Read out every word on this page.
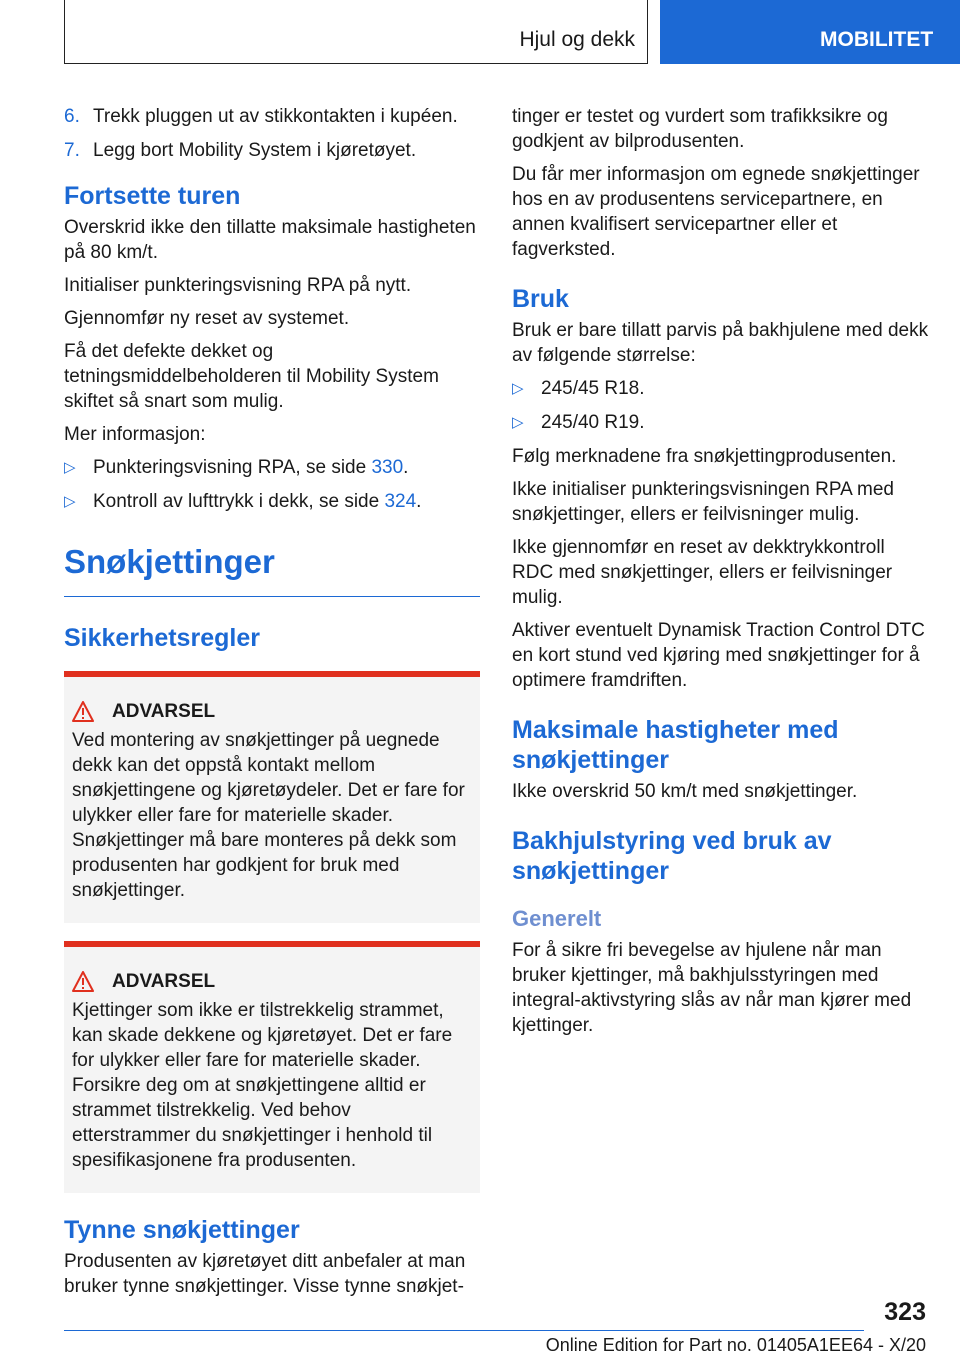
Hjul og dekk	MOBILITET
6. Trekk pluggen ut av stikkontakten i kupéen.
7. Legg bort Mobility System i kjøretøyet.
Fortsette turen

Overskrid ikke den tillatte maksimale hastigheten på 80 km/t.

Initialiser punkteringsvisning RPA på nytt.

Gjennomfør ny reset av systemet.

Få det defekte dekket og tetningsmiddelbeholderen til Mobility System skiftet så snart som mulig.

Mer informasjon:

▷ Punkteringsvisning RPA, se side 330.
▷ Kontroll av lufttrykk i dekk, se side 324.
Snøkjettinger
Sikkerhetsregler
ADVARSEL

Ved montering av snøkjettinger på uegnede dekk kan det oppstå kontakt mellom snøkjettingene og kjøretøydeler. Det er fare for ulykker eller fare for materielle skader. Snøkjettinger må bare monteres på dekk som produsenten har godkjent for bruk med snøkjettinger.

ADVARSEL

Kjettinger som ikke er tilstrekkelig strammet, kan skade dekkene og kjøretøyet. Det er fare for ulykker eller fare for materielle skader. Forsikre deg om at snøkjettingene alltid er strammet tilstrekkelig. Ved behov etterstrammer du snøkjettinger i henhold til spesifikasjonene fra produsenten.

Tynne snøkjettinger

Produsenten av kjøretøyet ditt anbefaler at man bruker tynne snøkjettinger. Visse tynne snøkjet-

tinger er testet og vurdert som trafikksikre og godkjent av bilprodusenten.

Du får mer informasjon om egnede snøkjettinger hos en av produsentens servicepartnere, en annen kvalifisert servicepartner eller et fagverksted.

Bruk

Bruk er bare tillatt parvis på bakhjulene med dekk av følgende størrelse:

▷ 245/45 R18.
▷ 245/40 R19.

Følg merknadene fra snøkjettingprodusenten.

Ikke initialiser punkteringsvisningen RPA med snøkjettinger, ellers er feilvisninger mulig.

Ikke gjennomfør en reset av dekktrykkontroll RDC med snøkjettinger, ellers er feilvisninger mulig.

Aktiver eventuelt Dynamisk Traction Control DTC en kort stund ved kjøring med snøkjettinger for å optimere framdriften.

Maksimale hastigheter med snøkjettinger

Ikke overskrid 50 km/t med snøkjettinger.

Bakhjulstyring ved bruk av snøkjettinger
Generelt

For å sikre fri bevegelse av hjulene når man bruker kjettinger, må bakhjulsstyringen med integral-aktivstyring slås av når man kjører med kjettinger.

323
Online Edition for Part no. 01405A1EE64 - X/20
